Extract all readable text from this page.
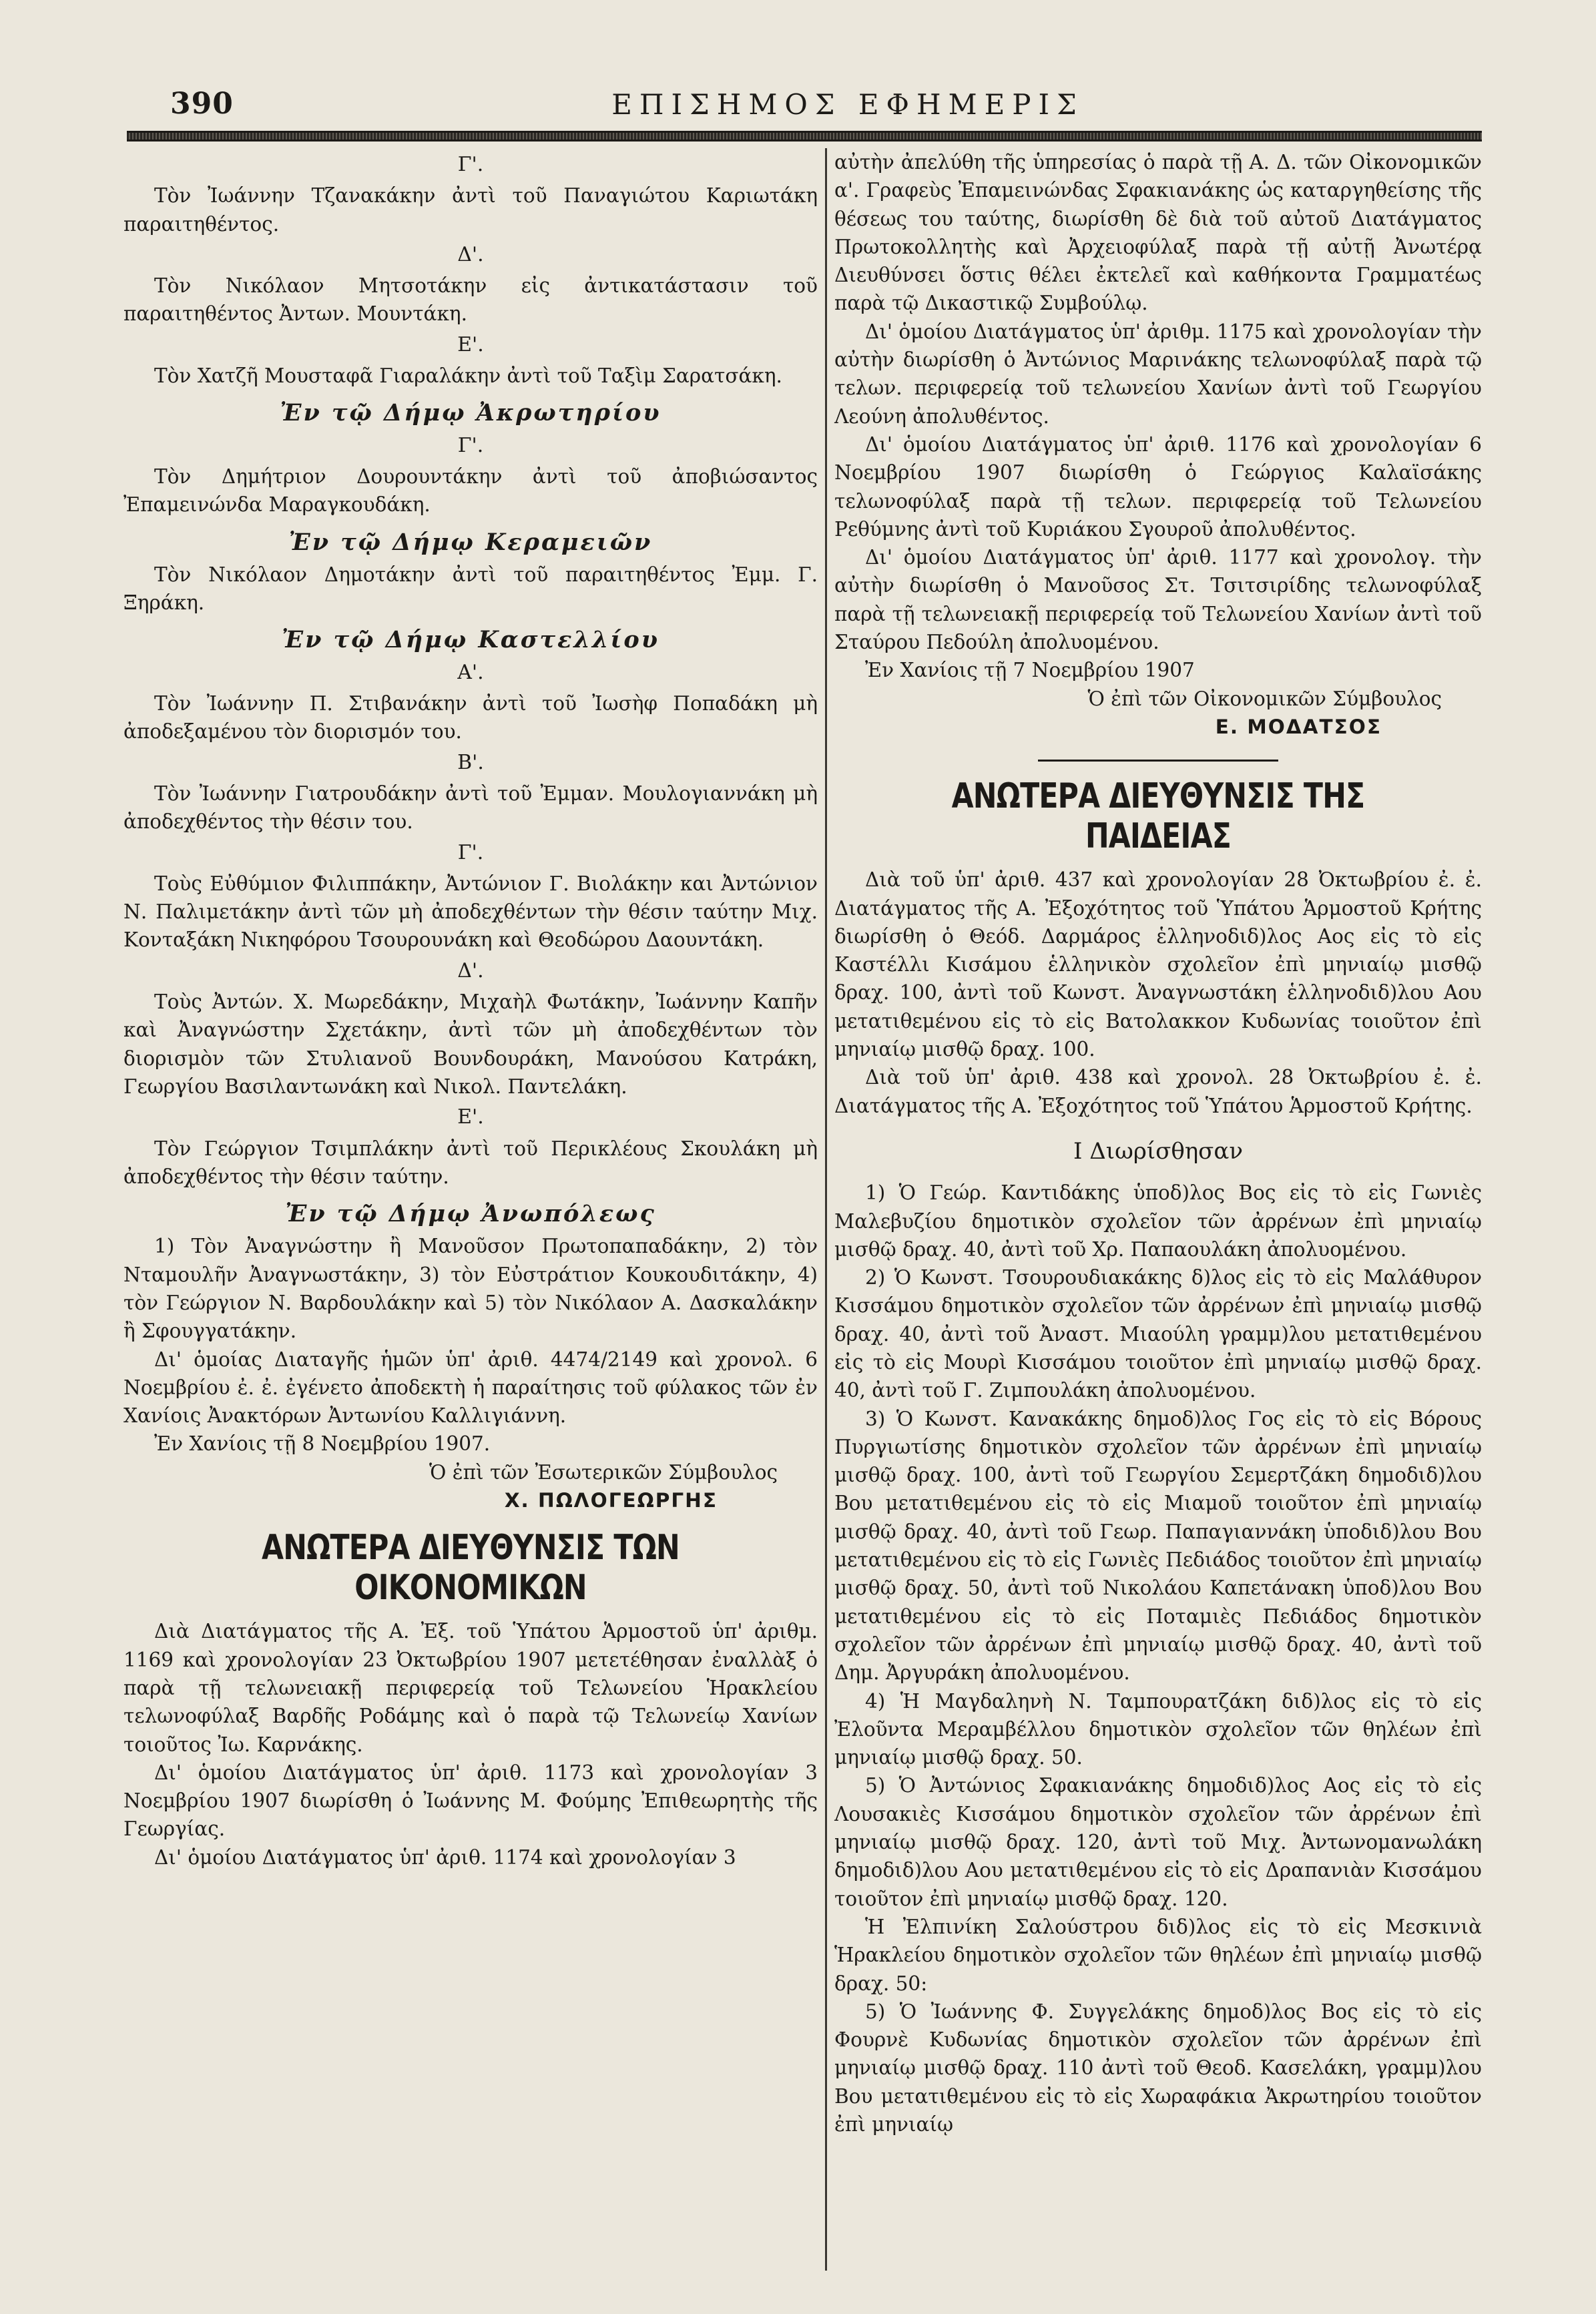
390	ΕΠΙΣΗΜΟΣ ΕΦΗΜΕΡΙΣ
Γ'.

Τὸν Ἰωάννην Τζανακάκην ἀντὶ τοῦ Παναγιώτου Καριωτάκη παραιτηθέντος.

Δ'.

Τὸν Νικόλαον Μητσοτάκην εἰς ἀντικατάστασιν τοῦ παραιτηθέντος Ἀντων. Μουντάκη.

Ε'.

Τὸν Χατζῆ Μουσταφᾶ Γιαραλάκην ἀντὶ τοῦ Ταξὶμ Σαρατσάκη.

Ἐν τῷ Δήμῳ Ἀκρωτηρίου
Γ'.

Τὸν Δημήτριον Δουρουντάκην ἀντὶ τοῦ ἀποβιώσαντος Ἐπαμεινώνδα Μαραγκουδάκη.

Ἐν τῷ Δήμῳ Κεραμειῶν

Τὸν Νικόλαον Δημοτάκην ἀντὶ τοῦ παραιτηθέντος Ἐμμ. Γ. Ξηράκη.

Ἐν τῷ Δήμῳ Καστελλίου
Α'.

Τὸν Ἰωάννην Π. Στιβανάκην ἀντὶ τοῦ Ἰωσὴφ Ποπαδάκη μὴ ἀποδεξαμένου τὸν διορισμόν του.

Β'.

Τὸν Ἰωάννην Γιατρουδάκην ἀντὶ τοῦ Ἐμμαν. Μουλογιαννάκη μὴ ἀποδεχθέντος τὴν θέσιν του.

Γ'.

Τοὺς Εὐθύμιον Φιλιππάκην, Ἀντώνιον Γ. Βιολάκην και Ἀντώνιον Ν. Παλιμετάκην ἀντὶ τῶν μὴ ἀποδεχθέντων τὴν θέσιν ταύτην Μιχ. Κονταξάκη Νικηφόρου Τσουρουνάκη καὶ Θεοδώρου Δαουντάκη.

Δ'.

Τοὺς Ἀντών. Χ. Μωρεδάκην, Μιχαὴλ Φωτάκην, Ἰωάννην Καπῆν καὶ Ἀναγνώστην Σχετάκην, ἀντὶ τῶν μὴ ἀποδεχθέντων τὸν διορισμὸν τῶν Στυλιανοῦ Βουνδουράκη, Μανούσου Κατράκη, Γεωργίου Βασιλαντωνάκη καὶ Νικολ. Παντελάκη.

Ε'.

Τὸν Γεώργιον Τσιμπλάκην ἀντὶ τοῦ Περικλέους Σκουλάκη μὴ ἀποδεχθέντος τὴν θέσιν ταύτην.

Ἐν τῷ Δήμῳ Ἀνωπόλεως

1) Τὸν Ἀναγνώστην ἢ Μανοῦσον Πρωτοπαπαδάκην, 2) τὸν Νταμουλῆν Ἀναγνωστάκην, 3) τὸν Εὐστράτιον Κουκουδιτάκην, 4) τὸν Γεώργιον Ν. Βαρδουλάκην καὶ 5) τὸν Νικόλαον Α. Δασκαλάκην ἢ Σφουγγατάκην.

Δι' ὁμοίας Διαταγῆς ἡμῶν ὑπ' ἀριθ. 4474/2149 καὶ χρονολ. 6 Νοεμβρίου ἐ. ἐ. ἐγένετο ἀποδεκτὴ ἡ παραίτησις τοῦ φύλακος τῶν ἐν Χανίοις Ἀνακτόρων Ἀντωνίου Καλλιγιάννη.

Ἐν Χανίοις τῇ 8 Νοεμβρίου 1907.

Ὁ ἐπὶ τῶν Ἐσωτερικῶν Σύμβουλος

Χ. ΠΩΛΟΓΕΩΡΓΗΣ

ΑΝΩΤΕΡΑ ΔΙΕΥΘΥΝΣΙΣ ΤΩΝ ΟΙΚΟΝΟΜΙΚΩΝ

Διὰ Διατάγματος τῆς Α. Ἐξ. τοῦ Ὑπάτου Ἁρμοστοῦ ὑπ' ἀριθμ. 1169 καὶ χρονολογίαν 23 Ὀκτωβρίου 1907 μετετέθησαν ἐναλλὰξ ὁ παρὰ τῇ τελωνειακῇ περιφερείᾳ τοῦ Τελωνείου Ἡρακλείου τελωνοφύλαξ Βαρδῆς Ροδάμης καὶ ὁ παρὰ τῷ Τελωνείῳ Χανίων τοιοῦτος Ἰω. Καρνάκης.

Δι' ὁμοίου Διατάγματος ὑπ' ἀριθ. 1173 καὶ χρονολογίαν 3 Νοεμβρίου 1907 διωρίσθη ὁ Ἰωάννης Μ. Φούμης Ἐπιθεωρητὴς τῆς Γεωργίας.

Δι' ὁμοίου Διατάγματος ὑπ' ἀριθ. 1174 καὶ χρονολογίαν 3

αὐτὴν ἀπελύθη τῆς ὑπηρεσίας ὁ παρὰ τῇ Α. Δ. τῶν Οἰκονομικῶν α'. Γραφεὺς Ἐπαμεινώνδας Σφακιανάκης ὡς καταργηθείσης τῆς θέσεως του ταύτης, διωρίσθη δὲ διὰ τοῦ αὐτοῦ Διατάγματος Πρωτοκολλητὴς καὶ Ἀρχειοφύλαξ παρὰ τῇ αὐτῇ Ἀνωτέρᾳ Διευθύνσει ὅστις θέλει ἐκτελεῖ καὶ καθήκοντα Γραμματέως παρὰ τῷ Δικαστικῷ Συμβούλῳ.

Δι' ὁμοίου Διατάγματος ὑπ' ἀριθμ. 1175 καὶ χρονολογίαν τὴν αὐτὴν διωρίσθη ὁ Ἀντώνιος Μαρινάκης τελωνοφύλαξ παρὰ τῷ τελων. περιφερείᾳ τοῦ τελωνείου Χανίων ἀντὶ τοῦ Γεωργίου Λεούνη ἀπολυθέντος.

Δι' ὁμοίου Διατάγματος ὑπ' ἀριθ. 1176 καὶ χρονολογίαν 6 Νοεμβρίου 1907 διωρίσθη ὁ Γεώργιος Καλαϊσάκης τελωνοφύλαξ παρὰ τῇ τελων. περιφερείᾳ τοῦ Τελωνείου Ρεθύμνης ἀντὶ τοῦ Κυριάκου Σγουροῦ ἀπολυθέντος.

Δι' ὁμοίου Διατάγματος ὑπ' ἀριθ. 1177 καὶ χρονολογ. τὴν αὐτὴν διωρίσθη ὁ Μανοῦσος Στ. Τσιτσιρίδης τελωνοφύλαξ παρὰ τῇ τελωνειακῇ περιφερείᾳ τοῦ Τελωνείου Χανίων ἀντὶ τοῦ Σταύρου Πεδούλη ἀπολυομένου.

Ἐν Χανίοις τῇ 7 Νοεμβρίου 1907

Ὁ ἐπὶ τῶν Οἰκονομικῶν Σύμβουλος

Ε. ΜΟΔΑΤΣΟΣ

ΑΝΩΤΕΡΑ ΔΙΕΥΘΥΝΣΙΣ ΤΗΣ ΠΑΙΔΕΙΑΣ

Διὰ τοῦ ὑπ' ἀριθ. 437 καὶ χρονολογίαν 28 Ὀκτωβρίου ἐ. ἐ. Διατάγματος τῆς Α. Ἐξοχότητος τοῦ Ὑπάτου Ἁρμοστοῦ Κρήτης διωρίσθη ὁ Θεόδ. Δαρμάρος ἑλληνοδιδ)λος Αος εἰς τὸ εἰς Καστέλλι Κισάμου ἑλληνικὸν σχολεῖον ἐπὶ μηνιαίῳ μισθῷ δραχ. 100, ἀντὶ τοῦ Κωνστ. Ἀναγνωστάκη ἑλληνοδιδ)λου Αου μετατιθεμένου εἰς τὸ εἰς Βατολακκον Κυδωνίας τοιοῦτον ἐπὶ μηνιαίῳ μισθῷ δραχ. 100.

Διὰ τοῦ ὑπ' ἀριθ. 438 καὶ χρονολ. 28 Ὀκτωβρίου ἐ. ἐ. Διατάγματος τῆς Α. Ἐξοχότητος τοῦ Ὑπάτου Ἁρμοστοῦ Κρήτης.

Ι Διωρίσθησαν

1) Ὁ Γεώρ. Καντιδάκης ὑποδ)λος Βος εἰς τὸ εἰς Γωνιὲς Μαλεβυζίου δημοτικὸν σχολεῖον τῶν ἀρρένων ἐπὶ μηνιαίῳ μισθῷ δραχ. 40, ἀντὶ τοῦ Χρ. Παπαουλάκη ἀπολυομένου.

2) Ὁ Κωνστ. Τσουρουδιακάκης δ)λος εἰς τὸ εἰς Μαλάθυρον Κισσάμου δημοτικὸν σχολεῖον τῶν ἀρρένων ἐπὶ μηνιαίῳ μισθῷ δραχ. 40, ἀντὶ τοῦ Ἀναστ. Μιαούλη γραμμ)λου μετατιθεμένου εἰς τὸ εἰς Μουρὶ Κισσάμου τοιοῦτον ἐπὶ μηνιαίῳ μισθῷ δραχ. 40, ἀντὶ τοῦ Γ. Ζιμπουλάκη ἀπολυομένου.

3) Ὁ Κωνστ. Κανακάκης δημοδ)λος Γος εἰς τὸ εἰς Βόρους Πυργιωτίσης δημοτικὸν σχολεῖον τῶν ἀρρένων ἐπὶ μηνιαίῳ μισθῷ δραχ. 100, ἀντὶ τοῦ Γεωργίου Σεμερτζάκη δημοδιδ)λου Βου μετατιθεμένου εἰς τὸ εἰς Μιαμοῦ τοιοῦτον ἐπὶ μηνιαίῳ μισθῷ δραχ. 40, ἀντὶ τοῦ Γεωρ. Παπαγιαννάκη ὑποδιδ)λου Βου μετατιθεμένου εἰς τὸ εἰς Γωνιὲς Πεδιάδος τοιοῦτον ἐπὶ μηνιαίῳ μισθῷ δραχ. 50, ἀντὶ τοῦ Νικολάου Καπετάνακη ὑποδ)λου Βου μετατιθεμένου εἰς τὸ εἰς Ποταμιὲς Πεδιάδος δημοτικὸν σχολεῖον τῶν ἀρρένων ἐπὶ μηνιαίῳ μισθῷ δραχ. 40, ἀντὶ τοῦ Δημ. Ἀργυράκη ἀπολυομένου.

4) Ἡ Μαγδαληνὴ Ν. Ταμπουρατζάκη διδ)λος εἰς τὸ εἰς Ἐλοῦντα Μεραμβέλλου δημοτικὸν σχολεῖον τῶν θηλέων ἐπὶ μηνιαίῳ μισθῷ δραχ. 50.

5) Ὁ Ἀντώνιος Σφακιανάκης δημοδιδ)λος Αος εἰς τὸ εἰς Λουσακιὲς Κισσάμου δημοτικὸν σχολεῖον τῶν ἀρρένων ἐπὶ μηνιαίῳ μισθῷ δραχ. 120, ἀντὶ τοῦ Μιχ. Ἀντωνομανωλάκη δημοδιδ)λου Αου μετατιθεμένου εἰς τὸ εἰς Δραπανιὰν Κισσάμου τοιοῦτον ἐπὶ μηνιαίῳ μισθῷ δραχ. 120.

Ἡ Ἐλπινίκη Σαλούστρου διδ)λος εἰς τὸ εἰς Μεσκινιὰ Ἡρακλείου δημοτικὸν σχολεῖον τῶν θηλέων ἐπὶ μηνιαίῳ μισθῷ δραχ. 50:

5) Ὁ Ἰωάννης Φ. Συγγελάκης δημοδ)λος Βος εἰς τὸ εἰς Φουρνὲ Κυδωνίας δημοτικὸν σχολεῖον τῶν ἀρρένων ἐπὶ μηνιαίῳ μισθῷ δραχ. 110 ἀντὶ τοῦ Θεοδ. Κασελάκη, γραμμ)λου Βου μετατιθεμένου εἰς τὸ εἰς Χωραφάκια Ἀκρωτηρίου τοιοῦτον ἐπὶ μηνιαίῳ
